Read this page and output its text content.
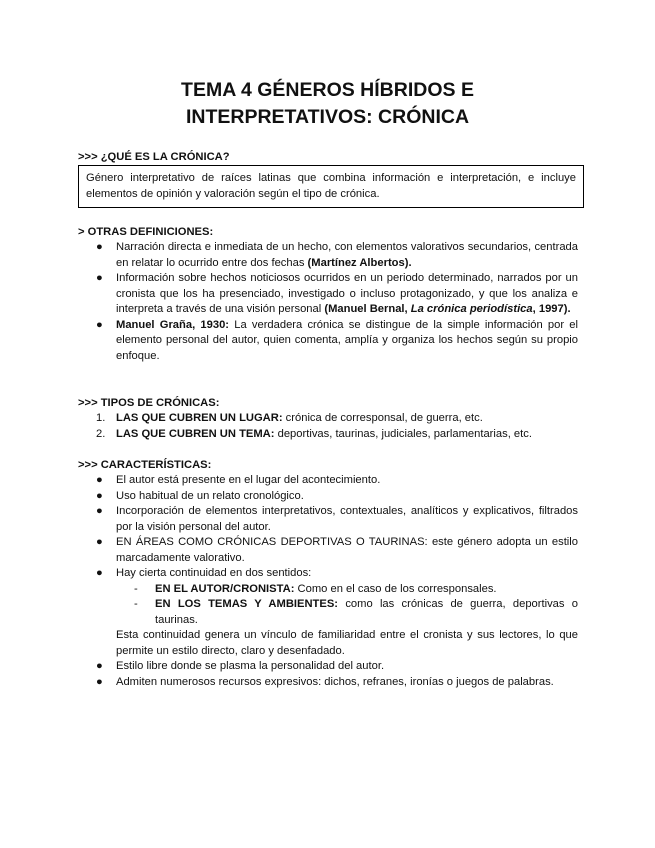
TEMA 4 GÉNEROS HÍBRIDOS E
INTERPRETATIVOS: CRÓNICA
>>> ¿QUÉ ES LA CRÓNICA?
Género interpretativo de raíces latinas que combina información e interpretación, e incluye elementos de opinión y valoración según el tipo de crónica.
> OTRAS DEFINICIONES:
● Narración directa e inmediata de un hecho, con elementos valorativos secundarios, centrada en relatar lo ocurrido entre dos fechas (Martínez Albertos).
● Información sobre hechos noticiosos ocurridos en un periodo determinado, narrados por un cronista que los ha presenciado, investigado o incluso protagonizado, y que los analiza e interpreta a través de una visión personal (Manuel Bernal, La crónica periodística, 1997).
● Manuel Graña, 1930: La verdadera crónica se distingue de la simple información por el elemento personal del autor, quien comenta, amplía y organiza los hechos según su propio enfoque.
>>> TIPOS DE CRÓNICAS:
1. LAS QUE CUBREN UN LUGAR: crónica de corresponsal, de guerra, etc.
2. LAS QUE CUBREN UN TEMA: deportivas, taurinas, judiciales, parlamentarias, etc.
>>> CARACTERÍSTICAS:
● El autor está presente en el lugar del acontecimiento.
● Uso habitual de un relato cronológico.
● Incorporación de elementos interpretativos, contextuales, analíticos y explicativos, filtrados por la visión personal del autor.
● EN ÁREAS COMO CRÓNICAS DEPORTIVAS O TAURINAS: este género adopta un estilo marcadamente valorativo.
● Hay cierta continuidad en dos sentidos:
- EN EL AUTOR/CRONISTA: Como en el caso de los corresponsales.
- EN LOS TEMAS Y AMBIENTES: como las crónicas de guerra, deportivas o taurinas.
Esta continuidad genera un vínculo de familiaridad entre el cronista y sus lectores, lo que permite un estilo directo, claro y desenfadado.
● Estilo libre donde se plasma la personalidad del autor.
● Admiten numerosos recursos expresivos: dichos, refranes, ironías o juegos de palabras.
